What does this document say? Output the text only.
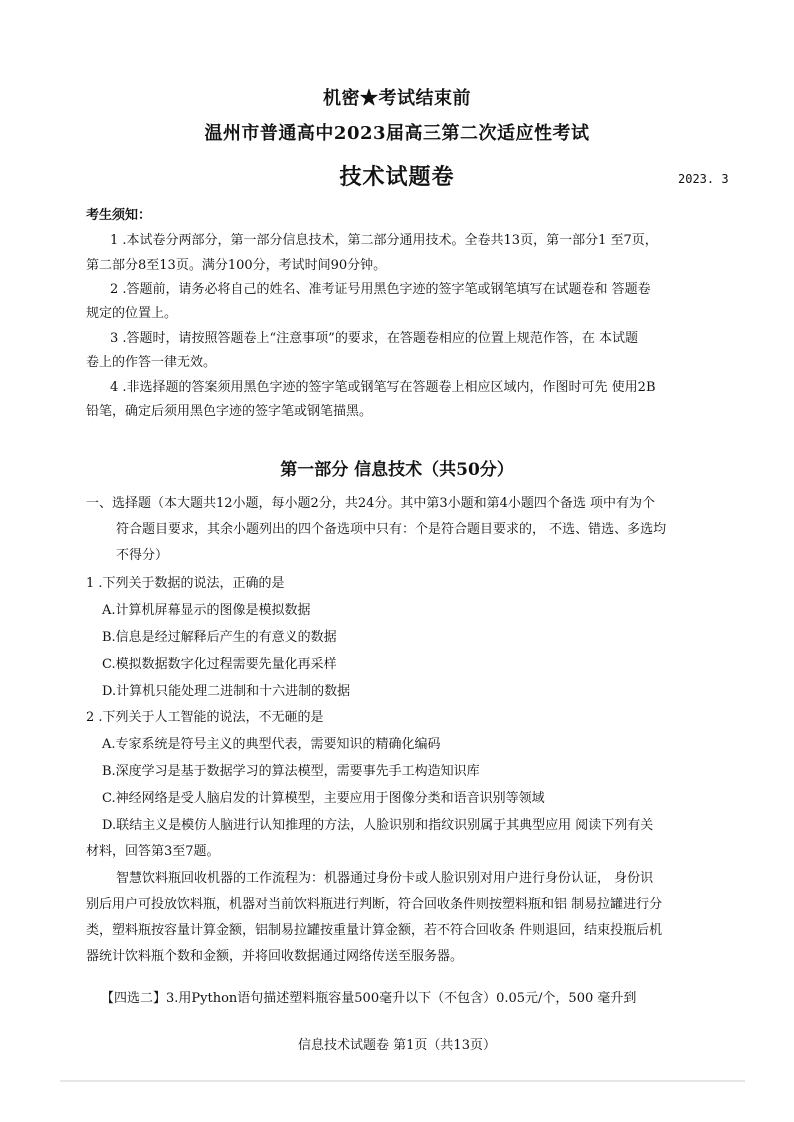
机密★考试结束前
温州市普通高中2023届高三第二次适应性考试
技术试题卷	2023. 3
考生须知：
1 .本试卷分两部分，第一部分信息技术，第二部分通用技术。全卷共13页，第一部分1 至7页，
第二部分8至13页。满分100分，考试时间90分钟。
2 .答题前，请务必将自己的姓名、准考证号用黑色字迹的签字笔或钢笔填写在试题卷和 答题卷
规定的位置上。
3 .答题时，请按照答题卷上“注意事项”的要求，在答题卷相应的位置上规范作答，在 本试题
卷上的作答一律无效。
4 .非选择题的答案须用黑色字迹的签字笔或钢笔写在答题卷上相应区域内，作图时可先 使用2B
铅笔，确定后须用黑色字迹的签字笔或钢笔描黑。
第一部分 信息技术（共50分）
一、选择题（本大题共12小题，每小题2分，共24分。其中第3小题和第4小题四个备选 项中有为个
符合题目要求，其余小题列出的四个备选项中只有：个是符合题目要求的， 不选、错选、多选均
不得分）
1 .下列关于数据的说法，正确的是
A.计算机屏幕显示的图像是模拟数据
B.信息是经过解释后产生的有意义的数据
C.模拟数据数字化过程需要先量化再采样
D.计算机只能处理二进制和十六进制的数据
2 .下列关于人工智能的说法，不无砸的是
A.专家系统是符号主义的典型代表，需要知识的精确化编码
B.深度学习是基于数据学习的算法模型，需要事先手工构造知识库
C.神经网络是受人脑启发的计算模型，主要应用于图像分类和语音识别等领域
D.联结主义是模仿人脑进行认知推理的方法，人脸识别和指纹识别属于其典型应用 阅读下列有关
材料，回答第3至7题。
智慧饮料瓶回收机器的工作流程为：机器通过身份卡或人脸识别对用户进行身份认证， 身份识
别后用户可投放饮料瓶，机器对当前饮料瓶进行判断，符合回收条件则按塑料瓶和铝 制易拉罐进行分
类，塑料瓶按容量计算金额，铝制易拉罐按重量计算金额，若不符合回收条 件则退回，结束投瓶后机
器统计饮料瓶个数和金额，并将回收数据通过网络传送至服务器。
【四选二】3.用Python语句描述塑料瓶容量500毫升以下（不包含）0.05元/个，500 毫升到
信息技术试题卷 第1页（共13页）
